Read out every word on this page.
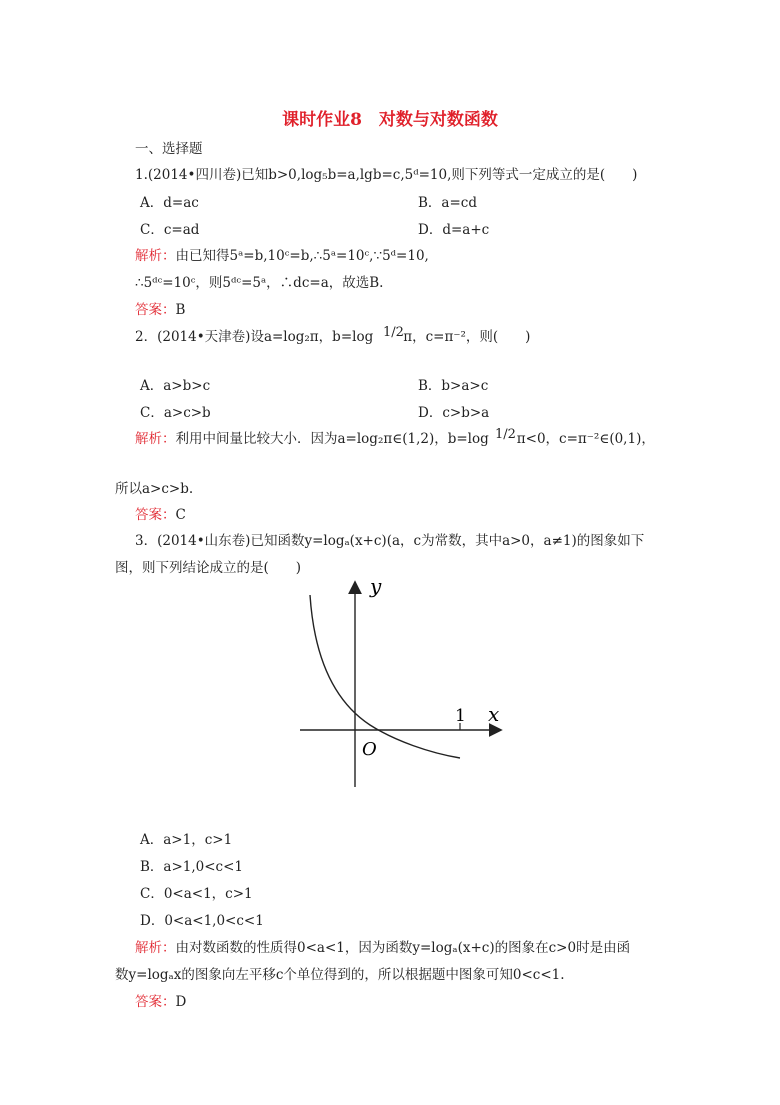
课时作业8　对数与对数函数
一、选择题
1.(2014•四川卷)已知b>0,log₅b=a,lgb=c,5ᵈ=10,则下列等式一定成立的是(　　)
A．d=ac	B．a=cd
C．c=ad	D．d=a+c
解析：由已知得5ᵃ=b,10ᶜ=b,∴5ᵃ=10ᶜ,∵5ᵈ=10,
∴5ᵈᶜ=10ᶜ，则5ᵈᶜ=5ᵃ，∴dc=a，故选B.
答案：B
2．(2014•天津卷)设a=log₂π，b=log π，c=π⁻²，则(　　)
1/2
A．a>b>c	B．b>a>c
C．a>c>b	D．c>b>a
解析：利用中间量比较大小．因为a=log₂π∈(1,2)，b=log π<0，c=π⁻²∈(0,1)，
1/2
所以a>c>b.
答案：C
3．(2014•山东卷)已知函数y=logₐ(x+c)(a，c为常数，其中a>0，a≠1)的图象如下
图，则下列结论成立的是(　　)
y
x
O
1
A．a>1，c>1
B．a>1,0<c<1
C．0<a<1，c>1
D．0<a<1,0<c<1
解析：由对数函数的性质得0<a<1，因为函数y=logₐ(x+c)的图象在c>0时是由函
数y=logₐx的图象向左平移c个单位得到的，所以根据题中图象可知0<c<1.
答案：D
